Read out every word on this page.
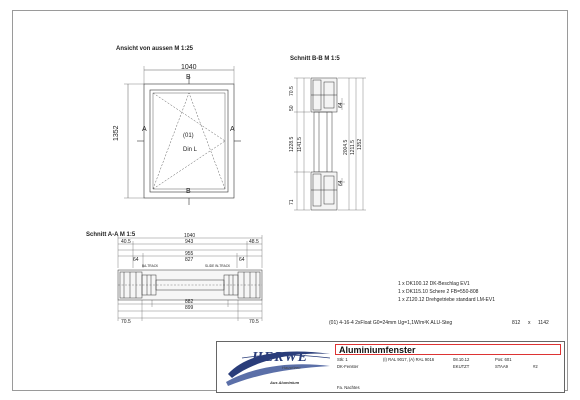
Ansicht von aussen M 1:25
Schnitt B-B M 1:5
Schnitt A-A M 1:5
1040
1352
B
B
A	A
(01)
Din L
70.5
50
1228.5 1141.5
71
64
64
2004.5 1211.5 1352
1040
40.5	943	48.5
955
64	827	64
70.5
882
899
70.5
BA-TRACK	SLIDE IN-TRACK
1 x DK100.12 DK-Beschlag EV1
1 x DK115.10 Schere 2 FB=550-808
1 x Z120.12 Drehgetriebe standard LM-EV1
(01) 4-16-4 2xFloat G0=24mm Ug=1,1W/m²K ALU-Steg	812 x 1142
HERWE
Haustüren
Aus Aluminium
Aluminiumfenster
Stk: 1
DK-Fenster
(I) RAL 9017, (A) RAL 9016	08.10.12
EKUTZT
Pos: 601
STAA9	#2
Fa. Nachtes
